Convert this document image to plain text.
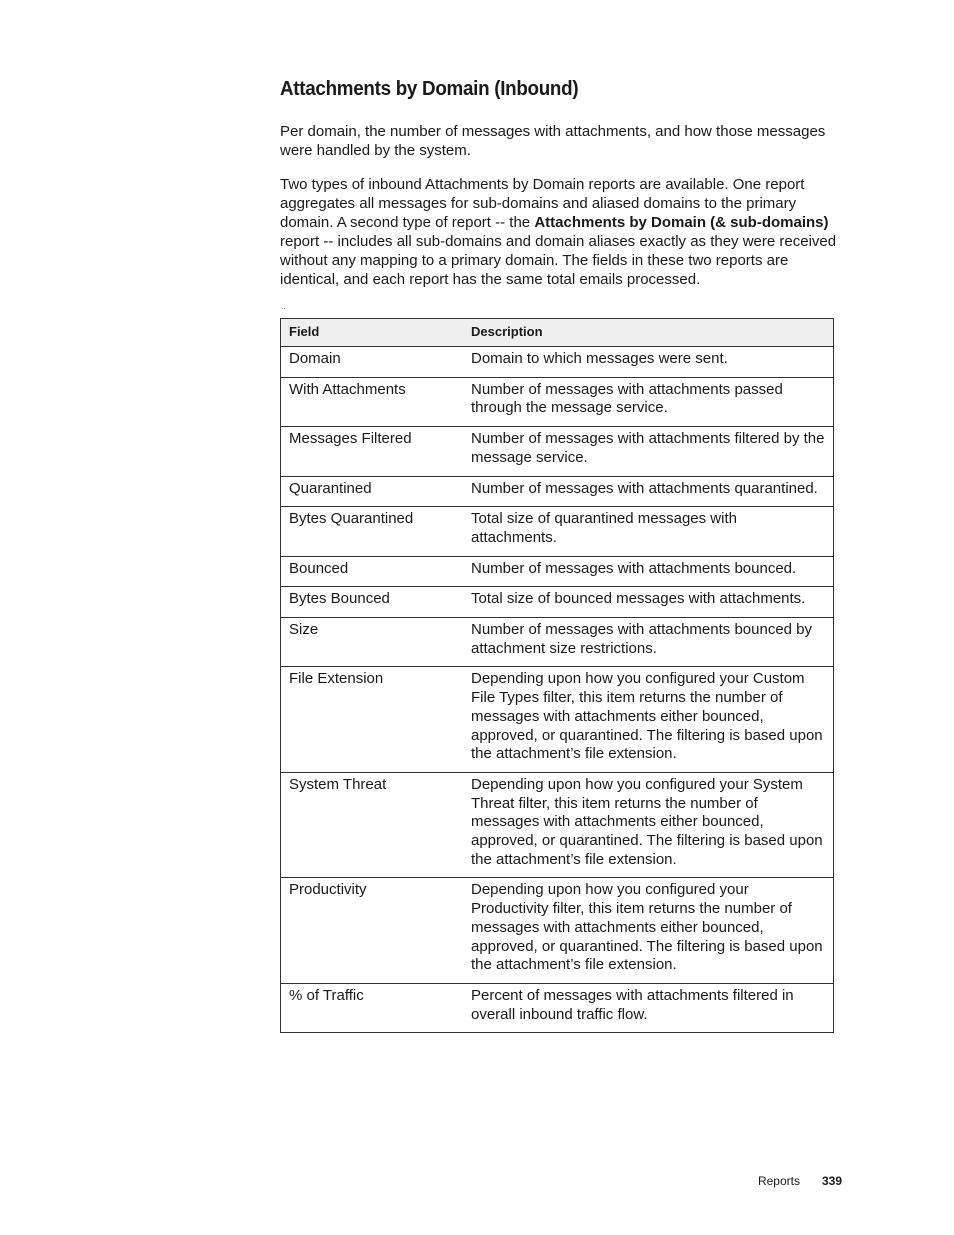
Attachments by Domain (Inbound)

Per domain, the number of messages with attachments, and how those messages were handled by the system.

Two types of inbound Attachments by Domain reports are available. One report aggregates all messages for sub-domains and aliased domains to the primary domain. A second type of report -- the Attachments by Domain (& sub-domains) report -- includes all sub-domains and domain aliases exactly as they were received without any mapping to a primary domain. The fields in these two reports are identical, and each report has the same total emails processed.

..
Field	Description
Domain	Domain to which messages were sent.
With Attachments	Number of messages with attachments passed through the message service.
Messages Filtered	Number of messages with attachments filtered by the message service.
Quarantined	Number of messages with attachments quarantined.
Bytes Quarantined	Total size of quarantined messages with attachments.
Bounced	Number of messages with attachments bounced.
Bytes Bounced	Total size of bounced messages with attachments.
Size	Number of messages with attachments bounced by attachment size restrictions.
File Extension	Depending upon how you configured your Custom File Types filter, this item returns the number of messages with attachments either bounced, approved, or quarantined. The filtering is based upon the attachment’s file extension.
System Threat	Depending upon how you configured your System Threat filter, this item returns the number of messages with attachments either bounced, approved, or quarantined. The filtering is based upon the attachment’s file extension.
Productivity	Depending upon how you configured your Productivity filter, this item returns the number of messages with attachments either bounced, approved, or quarantined. The filtering is based upon the attachment’s file extension.
% of Traffic	Percent of messages with attachments filtered in overall inbound traffic flow.
Reports 339
